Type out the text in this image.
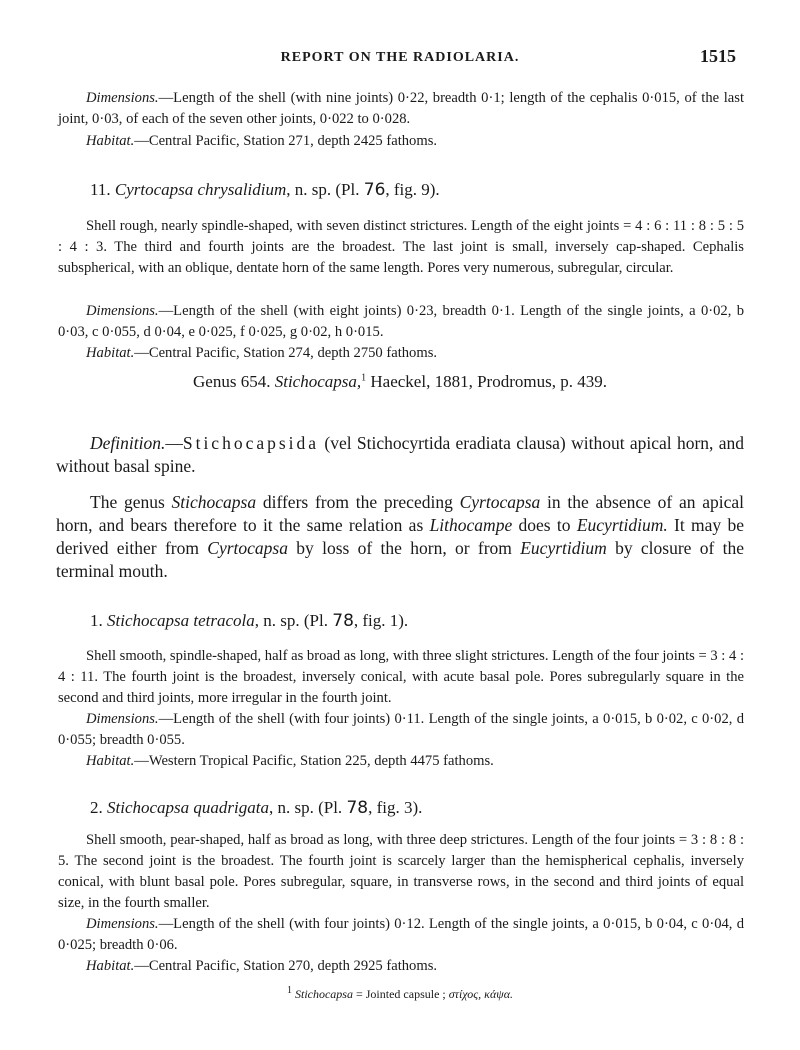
REPORT ON THE RADIOLARIA.	1515

Dimensions.—Length of the shell (with nine joints) 0·22, breadth 0·1; length of the cephalis 0·015, of the last joint, 0·03, of each of the seven other joints, 0·022 to 0·028.

Habitat.—Central Pacific, Station 271, depth 2425 fathoms.

11. Cyrtocapsa chrysalidium, n. sp. (Pl. 76, fig. 9).

Shell rough, nearly spindle-shaped, with seven distinct strictures. Length of the eight joints = 4 : 6 : 11 : 8 : 5 : 5 : 4 : 3. The third and fourth joints are the broadest. The last joint is small, inversely cap-shaped. Cephalis subspherical, with an oblique, dentate horn of the same length. Pores very numerous, subregular, circular.

Dimensions.—Length of the shell (with eight joints) 0·23, breadth 0·1. Length of the single joints, a 0·02, b 0·03, c 0·055, d 0·04, e 0·025, f 0·025, g 0·02, h 0·015.

Habitat.—Central Pacific, Station 274, depth 2750 fathoms.

Genus 654. Stichocapsa,$^1$ Haeckel, 1881, Prodromus, p. 439.

Definition.—Stichocapsida (vel Stichocyrtida eradiata clausa) without apical horn, and without basal spine.

The genus Stichocapsa differs from the preceding Cyrtocapsa in the absence of an apical horn, and bears therefore to it the same relation as Lithocampe does to Eucyrtidium. It may be derived either from Cyrtocapsa by loss of the horn, or from Eucyrtidium by closure of the terminal mouth.

1. Stichocapsa tetracola, n. sp. (Pl. 78, fig. 1).

Shell smooth, spindle-shaped, half as broad as long, with three slight strictures. Length of the four joints = 3 : 4 : 4 : 11. The fourth joint is the broadest, inversely conical, with acute basal pole. Pores subregularly square in the second and third joints, more irregular in the fourth joint.

Dimensions.—Length of the shell (with four joints) 0·11. Length of the single joints, a 0·015, b 0·02, c 0·02, d 0·055; breadth 0·055.

Habitat.—Western Tropical Pacific, Station 225, depth 4475 fathoms.

2. Stichocapsa quadrigata, n. sp. (Pl. 78, fig. 3).

Shell smooth, pear-shaped, half as broad as long, with three deep strictures. Length of the four joints = 3 : 8 : 8 : 5. The second joint is the broadest. The fourth joint is scarcely larger than the hemispherical cephalis, inversely conical, with blunt basal pole. Pores subregular, square, in transverse rows, in the second and third joints of equal size, in the fourth smaller.

Dimensions.—Length of the shell (with four joints) 0·12. Length of the single joints, a 0·015, b 0·04, c 0·04, d 0·025; breadth 0·06.

Habitat.—Central Pacific, Station 270, depth 2925 fathoms.

$^1$ Stichocapsa = Jointed capsule ; στίχος, κάψα.
